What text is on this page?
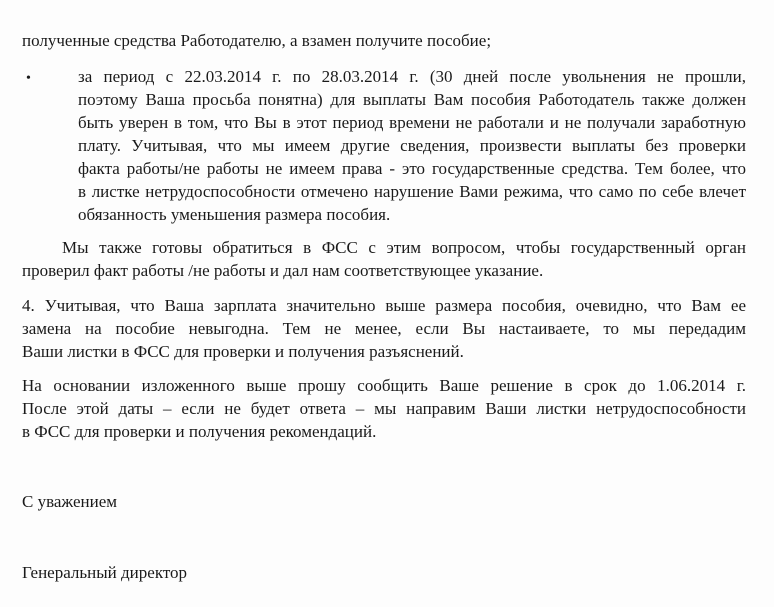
полученные средства Работодателю, а взамен получите пособие;
•	за период с 22.03.2014 г. по 28.03.2014 г. (30 дней после увольнения не прошли,
поэтому Ваша просьба понятна) для выплаты Вам пособия Работодатель также должен
быть уверен в том, что Вы в этот период времени не работали и не получали заработную
плату. Учитывая, что мы имеем другие сведения, произвести выплаты без проверки
факта работы/не работы не имеем права - это государственные средства. Тем более, что
в листке нетрудоспособности отмечено нарушение Вами режима, что само по себе влечет
обязанность уменьшения размера пособия.
Мы также готовы обратиться в ФСС с этим вопросом, чтобы государственный орган
проверил факт работы /не работы и дал нам соответствующее указание.
4. Учитывая, что Ваша зарплата значительно выше размера пособия, очевидно, что Вам ее
замена на пособие невыгодна. Тем не менее, если Вы настаиваете, то мы передадим
Ваши листки в ФСС для проверки и получения разъяснений.
На основании изложенного выше прошу сообщить Ваше решение в срок до 1.06.2014 г.
После этой даты – если не будет ответа – мы направим Ваши листки нетрудоспособности
в ФСС для проверки и получения рекомендаций.
С уважением
Генеральный директор
